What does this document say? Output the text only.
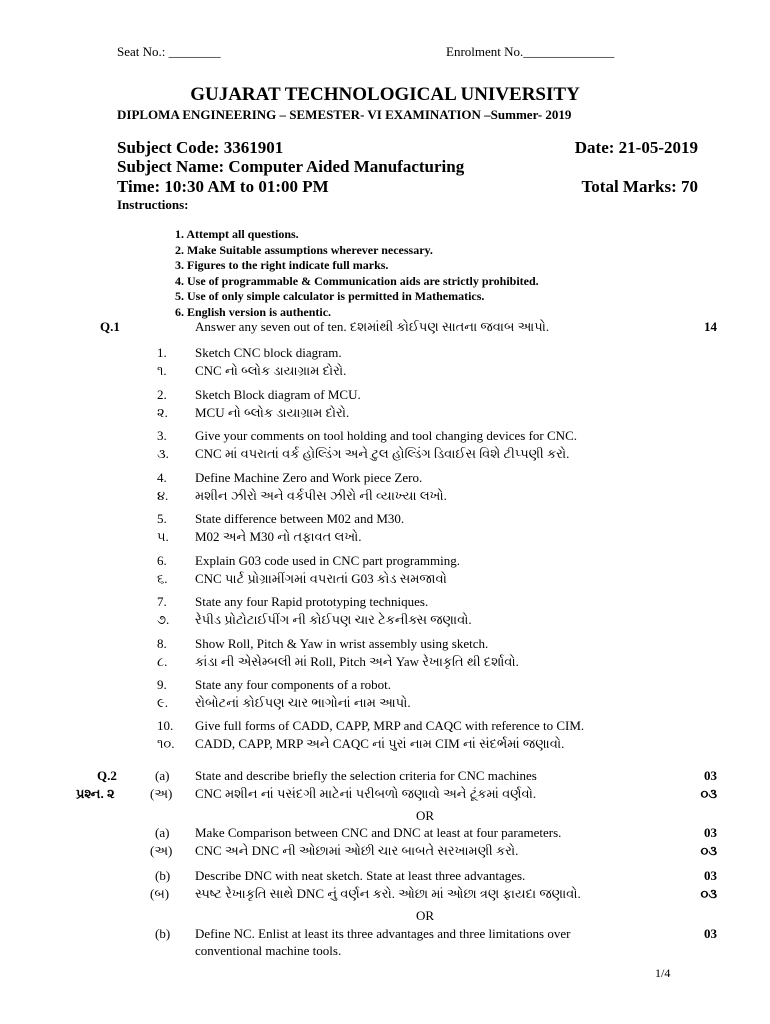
Seat No.: ________	Enrolment No.______________
GUJARAT TECHNOLOGICAL UNIVERSITY
DIPLOMA ENGINEERING – SEMESTER- VI EXAMINATION –Summer- 2019
Subject Code: 3361901	Date: 21-05-2019
Subject Name: Computer Aided Manufacturing
Time: 10:30 AM to 01:00 PM	Total Marks: 70
Instructions:
1. Attempt all questions.
2. Make Suitable assumptions wherever necessary.
3. Figures to the right indicate full marks.
4. Use of programmable & Communication aids are strictly prohibited.
5. Use of only simple calculator is permitted in Mathematics.
6. English version is authentic.
Q.1	Answer any seven out of ten. દશમાંથી કોઈપણ સાતના જવાબ આપો.	14
1. Sketch CNC block diagram.
૧. CNC નો બ્લોક ડાયાગ્રામ દોરો.
2. Sketch Block diagram of MCU.
૨. MCU નો બ્લોક ડાયાગ્રામ દોરો.
3. Give your comments on tool holding and tool changing devices for CNC.
૩. CNC માં વપરાતાં વર્ક હોલ્ડિંગ અને ટુલ હોલ્ડિંગ ડિવાઈસ વિશે ટીપ્પણી કરો.
4. Define Machine Zero and Work piece Zero.
૪. મશીન ઝીરો અને વર્કપીસ ઝીરો ની વ્યાખ્યા લખો.
5. State difference between M02 and M30.
૫. M02 અને M30 નો તફાવત લખો.
6. Explain G03 code used in CNC part programming.
૬. CNC પાર્ટ પ્રોગ્રામીંગમાં વપરાતાં G03 કોડ સમજાવો
7. State any four Rapid prototyping techniques.
૭. રેપીડ પ્રોટોટાઈપીંગ ની કોઈપણ ચાર ટેકનીક્સ જણાવો.
8. Show Roll, Pitch & Yaw in wrist assembly using sketch.
૮. કાંડા ની એસેમ્બલી માં Roll, Pitch અને Yaw રેખાકૃતિ થી દર્શાવો.
9. State any four components of a robot.
૯. રોબોટનાં કોઈપણ ચાર ભાગોનાં નામ આપો.
10. Give full forms of CADD, CAPP, MRP and CAQC with reference to CIM.
૧૦. CADD, CAPP, MRP અને CAQC નાં પુરાં નામ CIM નાં સંદર્ભમાં જણાવો.
Q.2
પ્રશ્ન. ૨
(a) State and describe briefly the selection criteria for CNC machines	03
(અ) CNC મશીન નાં પસંદગી માટેનાં પરીબળો જણાવો અને ટૂંકમાં વર્ણવો.	૦૩
OR
(a) Make Comparison between CNC and DNC at least at four parameters.	03
(અ) CNC અને DNC ની ઓછામાં ઓછી ચાર બાબતે સરખામણી કરો.	૦૩
(b) Describe DNC with neat sketch. State at least three advantages.	03
(બ) સ્પષ્ટ રેખાકૃતિ સાથે DNC નું વર્ણન કરો. ઓછા માં ઓછા ત્રણ ફાયદા જણાવો.	૦૩
OR
(b) Define NC. Enlist at least its three advantages and three limitations over	03
conventional machine tools.
1/4
